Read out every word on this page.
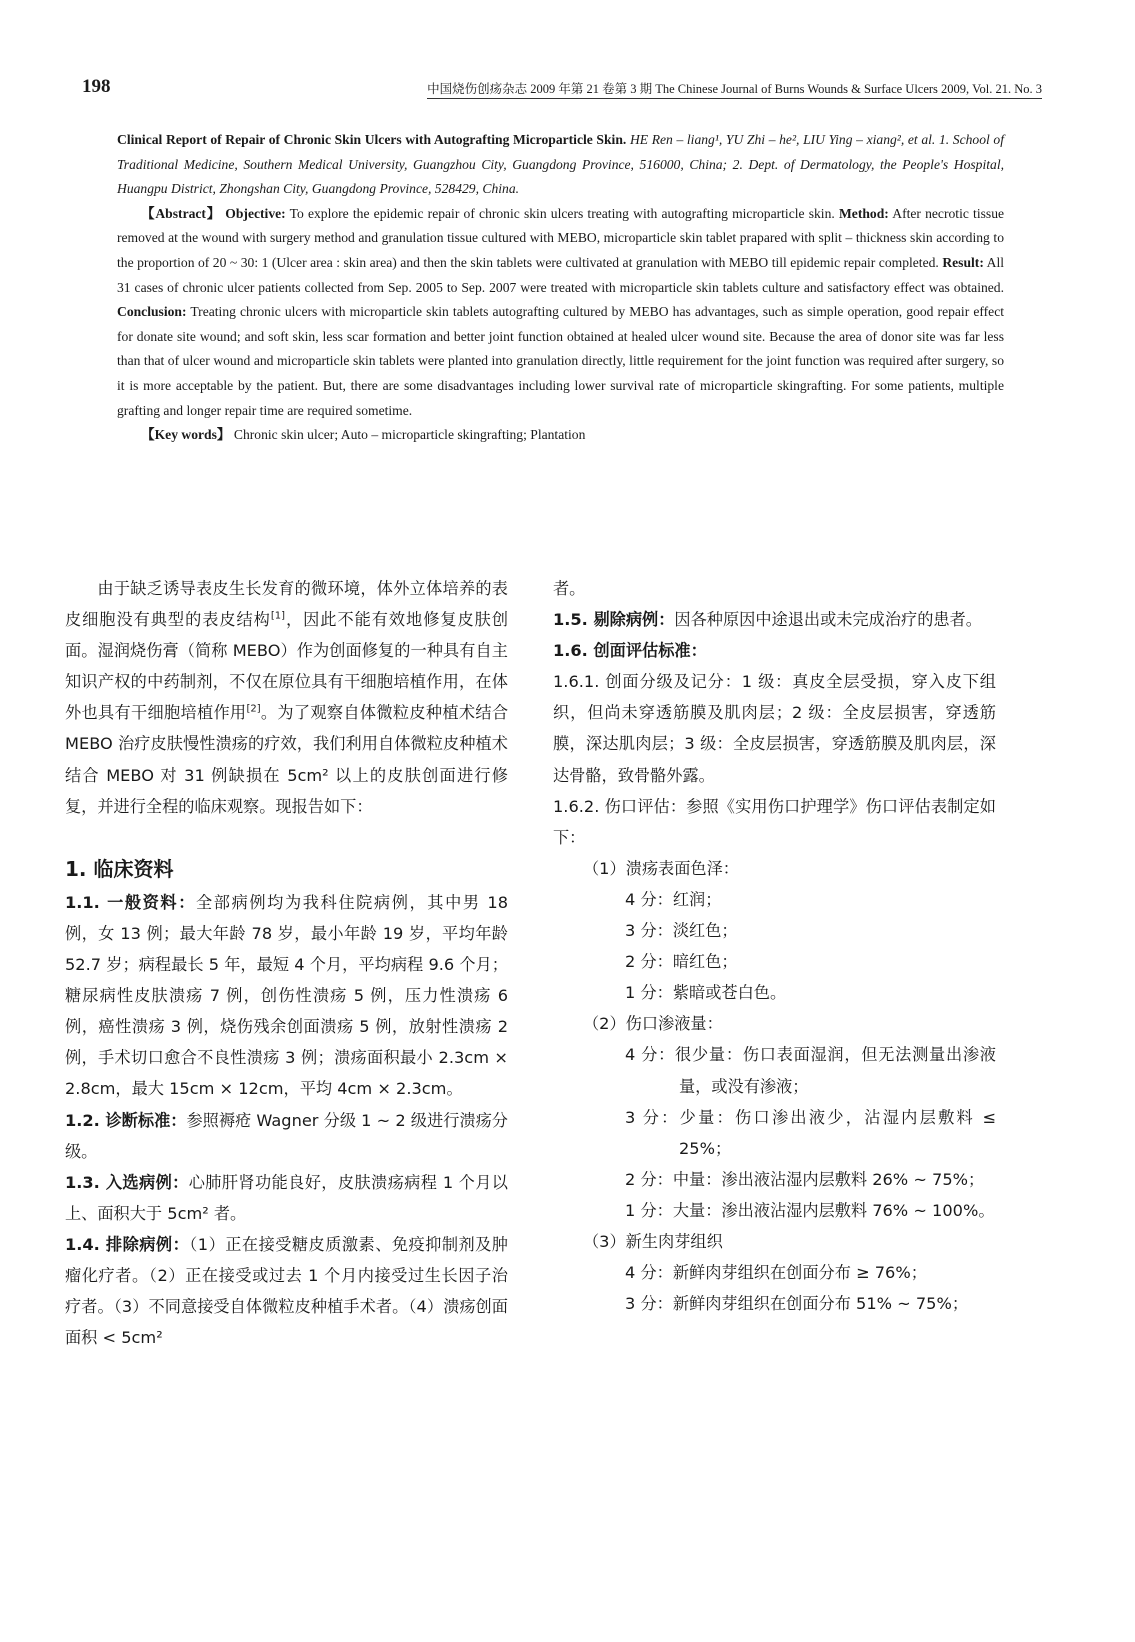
198	中国烧伤创疡杂志 2009 年第 21 卷第 3 期 The Chinese Journal of Burns Wounds & Surface Ulcers 2009, Vol. 21. No. 3

Clinical Report of Repair of Chronic Skin Ulcers with Autografting Microparticle Skin. HE Ren – liang¹, YU Zhi – he², LIU Ying – xiang², et al. 1. School of Traditional Medicine, Southern Medical University, Guangzhou City, Guangdong Province, 516000, China; 2. Dept. of Dermatology, the People's Hospital, Huangpu District, Zhongshan City, Guangdong Province, 528429, China.

【Abstract】 Objective: To explore the epidemic repair of chronic skin ulcers treating with autografting microparticle skin. Method: After necrotic tissue removed at the wound with surgery method and granulation tissue cultured with MEBO, microparticle skin tablet prapared with split – thickness skin according to the proportion of 20 ~ 30: 1 (Ulcer area : skin area) and then the skin tablets were cultivated at granulation with MEBO till epidemic repair completed. Result: All 31 cases of chronic ulcer patients collected from Sep. 2005 to Sep. 2007 were treated with microparticle skin tablets culture and satisfactory effect was obtained. Conclusion: Treating chronic ulcers with microparticle skin tablets autografting cultured by MEBO has advantages, such as simple operation, good repair effect for donate site wound; and soft skin, less scar formation and better joint function obtained at healed ulcer wound site. Because the area of donor site was far less than that of ulcer wound and microparticle skin tablets were planted into granulation directly, little requirement for the joint function was required after surgery, so it is more acceptable by the patient. But, there are some disadvantages including lower survival rate of microparticle skingrafting. For some patients, multiple grafting and longer repair time are required sometime.

【Key words】 Chronic skin ulcer; Auto – microparticle skingrafting; Plantation

由于缺乏诱导表皮生长发育的微环境，体外立体培养的表皮细胞没有典型的表皮结构[1]，因此不能有效地修复皮肤创面。湿润烧伤膏（简称 MEBO）作为创面修复的一种具有自主知识产权的中药制剂，不仅在原位具有干细胞培植作用，在体外也具有干细胞培植作用[2]。为了观察自体微粒皮种植术结合 MEBO 治疗皮肤慢性溃疡的疗效，我们利用自体微粒皮种植术结合 MEBO 对 31 例缺损在 5cm² 以上的皮肤创面进行修复，并进行全程的临床观察。现报告如下：

1. 临床资料

1.1. 一般资料：全部病例均为我科住院病例，其中男 18 例，女 13 例；最大年龄 78 岁，最小年龄 19 岁，平均年龄 52.7 岁；病程最长 5 年，最短 4 个月，平均病程 9.6 个月；糖尿病性皮肤溃疡 7 例，创伤性溃疡 5 例，压力性溃疡 6 例，癌性溃疡 3 例，烧伤残余创面溃疡 5 例，放射性溃疡 2 例，手术切口愈合不良性溃疡 3 例；溃疡面积最小 2.3cm × 2.8cm，最大 15cm × 12cm，平均 4cm × 2.3cm。

1.2. 诊断标准：参照褥疮 Wagner 分级 1 ~ 2 级进行溃疡分级。

1.3. 入选病例：心肺肝肾功能良好，皮肤溃疡病程 1 个月以上、面积大于 5cm² 者。

1.4. 排除病例：（1）正在接受糖皮质激素、免疫抑制剂及肿瘤化疗者。（2）正在接受或过去 1 个月内接受过生长因子治疗者。（3）不同意接受自体微粒皮种植手术者。（4）溃疡创面面积 < 5cm²

者。

1.5. 剔除病例：因各种原因中途退出或未完成治疗的患者。

1.6. 创面评估标准：

1.6.1. 创面分级及记分：1 级：真皮全层受损，穿入皮下组织，但尚未穿透筋膜及肌肉层；2 级：全皮层损害，穿透筋膜，深达肌肉层；3 级：全皮层损害，穿透筋膜及肌肉层，深达骨骼，致骨骼外露。

1.6.2. 伤口评估：参照《实用伤口护理学》伤口评估表制定如下：

（1）溃疡表面色泽：

4 分：红润；

3 分：淡红色；

2 分：暗红色；

1 分：紫暗或苍白色。

（2）伤口渗液量：

4 分：很少量：伤口表面湿润，但无法测量出渗液量，或没有渗液；

3 分：少量：伤口渗出液少，沾湿内层敷料 ≤ 25%；

2 分：中量：渗出液沾湿内层敷料 26% ~ 75%；

1 分：大量：渗出液沾湿内层敷料 76% ~ 100%。

（3）新生肉芽组织

4 分：新鲜肉芽组织在创面分布 ≥ 76%；

3 分：新鲜肉芽组织在创面分布 51% ~ 75%；
